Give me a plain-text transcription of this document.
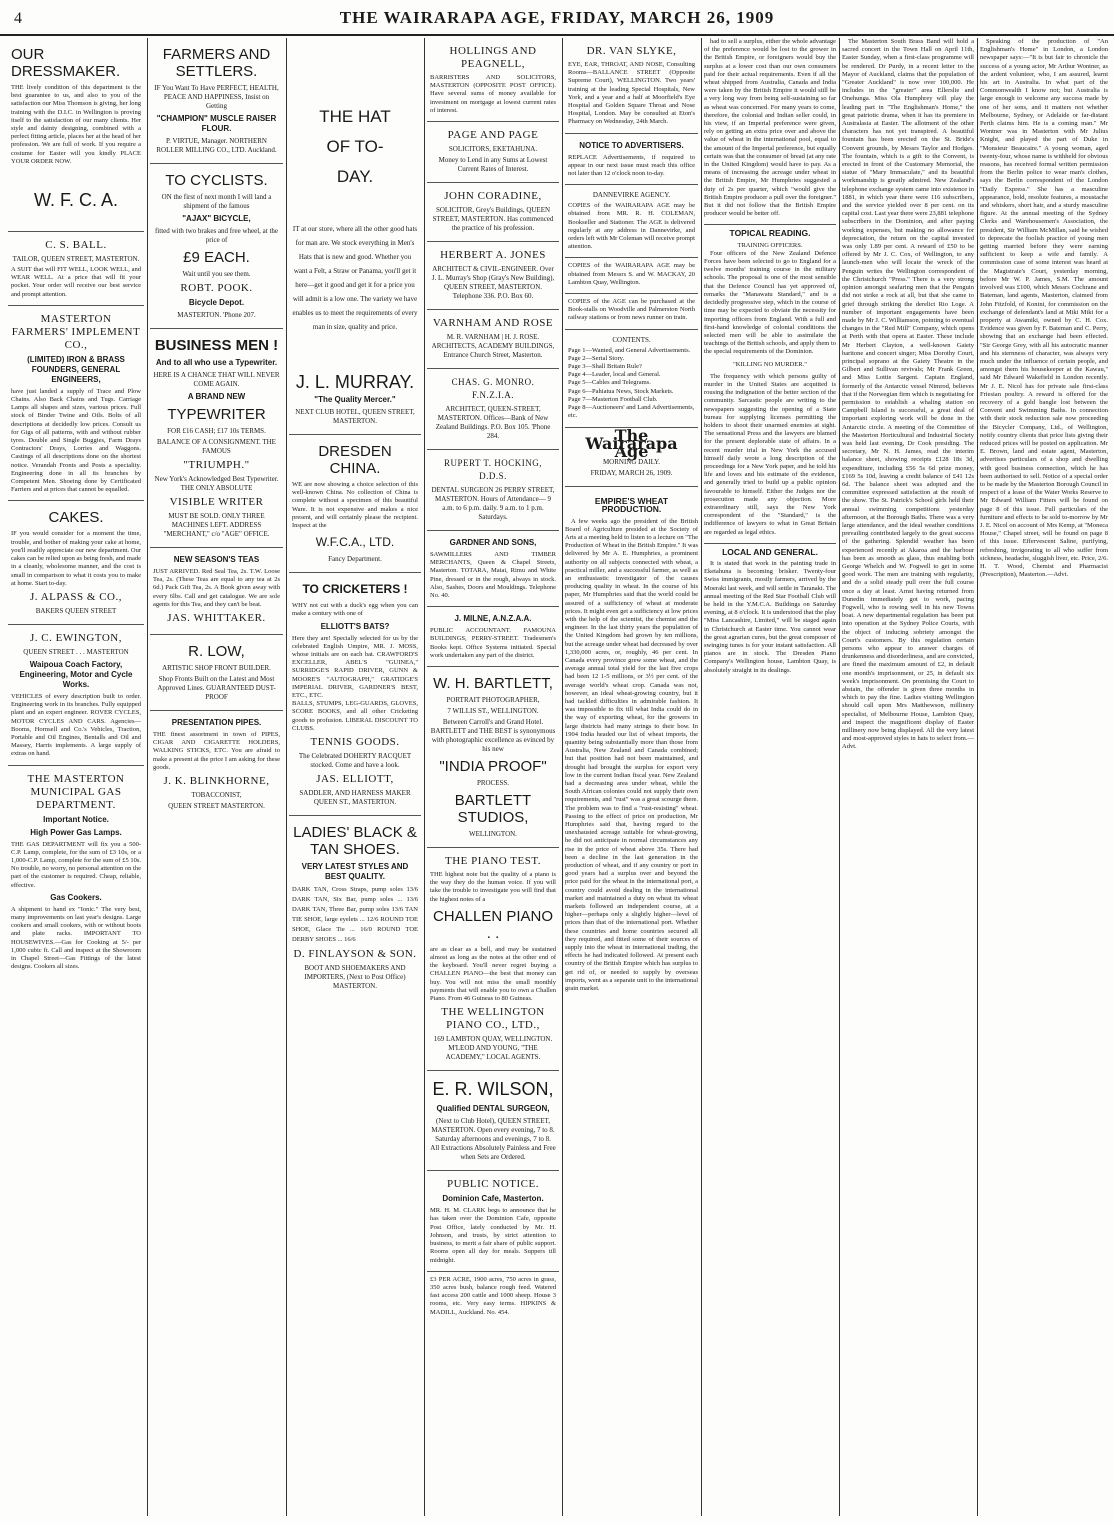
4	THE WAIRARAPA AGE, FRIDAY, MARCH 26, 1909
OUR DRESSMAKER.
THE lively condition of this department is the best guarantee to us, and also to you of the satisfaction our Miss Thomson is giving, her long training with the D.I.C. in Wellington is proving itself to the satisfaction of our many clients. Her style and dainty designing, combined with a perfect fitting article, places her at the head of her profession. We are full of work. If you require a costume for Easter will you kindly PLACE YOUR ORDER NOW.
W. F. C. A.
C. S. BALL.
TAILOR, QUEEN STREET, MASTERTON.
A SUIT that will FIT WELL, LOOK WELL, and WEAR WELL. At a price that will fit your pocket. Your order will receive our best service and prompt attention.
MASTERTON FARMERS' IMPLEMENT CO.,
(LIMITED) IRON & BRASS FOUNDERS, GENERAL ENGINEERS,
have just landed a supply of Trace and Plow Chains. Also Back Chains and Tugs. Carriage Lamps all shapes and sizes, various prices. Full stock of Binder Twine and Oils. Bolts of all descriptions at decidedly low prices. Consult us for Gigs of all patterns, with and without rubber tyres. Double and Single Buggies, Farm Drays Contractors' Drays, Lorries and Waggons. Castings of all descriptions done on the shortest notice. Verandah Fronts and Posts a speciality. Engineering done in all its branches by Competent Men. Shoeing done by Certificated Farriers and at prices that cannot be equalled.
CAKES.
IF you would consider for a moment the time, trouble, and bother of making your cake at home, you'll readily appreciate our new department. Our cakes can be relied upon as being fresh, and made in a cleanly, wholesome manner, and the cost is small in comparison to what it costs you to make at home. Start to-day.
J. ALPASS & CO.,
BAKERS QUEEN STREET
J. C. EWINGTON,
QUEEN STREET . . . MASTERTON
Waipoua Coach Factory, Engineering, Motor and Cycle Works.
VEHICLES of every description built to order. Engineering work in its branches. Fully equipped plant and an expert engineer. ROVER CYCLES, MOTOR CYCLES AND CARS. Agencies—Booms, Hornsell and Co.'s Vehicles, Traction, Portable and Oil Engines, Bentalls and Oil and Massey, Harris implements. A large supply of extras on hand.
THE MASTERTON MUNICIPAL GAS DEPARTMENT.
Important Notice.
High Power Gas Lamps.
THE GAS DEPARTMENT will fix you a 500-C.P. Lamp, complete, for the sum of £3 10s, or a 1,000-C.P. Lamp, complete for the sum of £5 10s. No trouble, no worry, no personal attention on the part of the customer is required. Cheap, reliable, effective.
Gas Cookers.
A shipment to hand ex "Ionic." The very best, many improvements on last year's designs. Large cookers and small cookers, with or without boots and plate racks. IMPORTANT TO HOUSEWIVES.—Gas for Cooking at 5/- per 1,000 cubic ft. Call and inspect at the Showroom in Chapel Street—Gas Fittings of the latest designs. Cookers all sizes.
FARMERS AND SETTLERS.
IF You Want To Have PERFECT, HEALTH, PEACE AND HAPPINESS, Insist on Getting
"CHAMPION" MUSCLE RAISER FLOUR.
P. VIRTUE, Manager. NORTHERN ROLLER MILLING CO., LTD. Auckland.
TO CYCLISTS.
ON the first of next month I will land a shipment of the famous
"AJAX" BICYCLE,
fitted with two brakes and free wheel, at the price of
£9 EACH.
Wait until you see them.
ROBT. POOK.
Bicycle Depot.
MASTERTON. 'Phone 207.
BUSINESS MEN !
And to all who use a Typewriter.
HERE IS A CHANCE THAT WILL NEVER COME AGAIN.
A BRAND NEW
TYPEWRITER
FOR £16 CASH; £17 10s TERMS.
BALANCE OF A CONSIGNMENT. THE FAMOUS
"TRIUMPH."
New York's Acknowledged Best Typewriter. THE ONLY ABSOLUTE
VISIBLE WRITER
MUST BE SOLD. ONLY THREE MACHINES LEFT. ADDRESS "MERCHANT," c/o "AGE" OFFICE.
NEW SEASON'S TEAS
JUST ARRIVED. Red Seal Tea, 2s. T.W. Loose Tea, 2s. (These Teas are equal to any tea at 2s 6d.) Pack Gift Tea, 2s. A Book given away with every 6lbs. Call and get catalogue. We are sole agents for this Tea, and they can't be beat.
JAS. WHITTAKER.
R. LOW,
ARTISTIC SHOP FRONT BUILDER.
Shop Fronts Built on the Latest and Most Approved Lines. GUARANTEED DUST-PROOF
PRESENTATION PIPES.
THE finest assortment in town of PIPES, CIGAR AND CIGARETTE HOLDERS, WALKING STICKS, ETC. You are afraid to make a present at the price I am asking for these goods.
J. K. BLINKHORNE,
TOBACCONIST,
QUEEN STREET MASTERTON.
THE HAT OF TO-DAY.
IT at our store, where all the other good hats for man are. We stock everything in Men's Hats that is new and good. Whether you want a Felt, a Straw or Panama, you'll get it here—get it good and get it for a price you will admit is a low one. The variety we have enables us to meet the requirements of every man in size, quality and price.
J. L. MURRAY.
"The Quality Mercer."
NEXT CLUB HOTEL, QUEEN STREET, MASTERTON.
DRESDEN CHINA.
WE are now showing a choice selection of this well-known China. No collection of China is complete without a specimen of this beautiful Ware. It is not expensive and makes a nice present, and will certainly please the recipient. Inspect at the
W.F.C.A., LTD.
Fancy Department.
TO CRICKETERS !
WHY not cut with a duck's egg when you can make a century with one of
ELLIOTT'S BATS?
Here they are! Specially selected for us by the celebrated English Umpire, MR. J. MOSS, whose initials are on each bat. CRAWFORD'S EXCELLER, ABEL'S "GUINEA," SURRIDGE'S RAPID DRIVER, GUNN & MOORE'S "AUTOGRAPH," GRATIDGE'S IMPERIAL DRIVER, GARDNER'S BEST, ETC., ETC.
BALLS, STUMPS, LEG-GUARDS, GLOVES, SCORE BOOKS, and all other Cricketing goods to profusion. LIBERAL DISCOUNT TO CLUBS.
TENNIS GOODS.
The Celebrated DOHERTY RACQUET stocked. Come and have a look.
JAS. ELLIOTT,
SADDLER, AND HARNESS MAKER QUEEN ST., MASTERTON.
LADIES' BLACK & TAN SHOES.
VERY LATEST STYLES AND BEST QUALITY.
DARK TAN, Cross Straps, pump soles 13/6 DARK TAN, Six Bar, pump soles ... 13/6 DARK TAN, Three Bar, pump soles 13/6 TAN TIE SHOE, large eyelets ... 12/6 ROUND TOE SHOE, Glace Tie ... 16/0 ROUND TOE DERBY SHOES ... 16/6
D. FINLAYSON & SON.
BOOT AND SHOEMAKERS AND IMPORTERS, (Next to Post Office) MASTERTON.
HOLLINGS AND PEAGNELL,
BARRISTERS AND SOLICITORS, MASTERTON (OPPOSITE POST OFFICE). Have several sums of money available for investment on mortgage at lowest current rates of interest.
PAGE AND PAGE
SOLICITORS, EKETAHUNA.
Money to Lend in any Sums at Lowest Current Rates of Interest.
JOHN CORADINE,
SOLICITOR, Grey's Buildings, QUEEN STREET, MASTERTON. Has commenced the practice of his profession.
HERBERT A. JONES
ARCHITECT & CIVIL-ENGINEER. Over J. L. Murray's Shop (Gray's New Building), QUEEN STREET, MASTERTON. Telephone 336. P.O. Box 60.
VARNHAM AND ROSE
M. R. VARNHAM | H. J. ROSE. ARCHITECTS, ACADEMY BUILDINGS, Entrance Church Street, Masterton.
CHAS. G. MONRO. F.N.Z.I.A.
ARCHITECT, QUEEN-STREET, MASTERTON. Offices—Bank of New Zealand Buildings. P.O. Box 105. 'Phone 284.
RUPERT T. HOCKING, D.D.S.
DENTAL SURGEON 26 PERRY STREET, MASTERTON. Hours of Attendance— 9 a.m. to 6 p.m. daily. 9 a.m. to 1 p.m. Saturdays.
GARDNER AND SONS,
SAWMILLERS AND TIMBER MERCHANTS, Queen & Chapel Streets, Masterton. TOTARA, Matai, Rimu and White Pine, dressed or in the rough, always in stock. Also, Sashes, Doors and Mouldings. Telephone No. 40.
J. MILNE, A.N.Z.A.A.
PUBLIC ACCOUNTANT. FAMOUNA BUILDINGS, PERRY-STREET. Tradesmen's Books kept. Office Systems initiated. Special work undertaken any part of the district.
W. H. BARTLETT,
PORTRAIT PHOTOGRAPHER,
7 WILLIS ST., WELLINGTON.
Between Carroll's and Grand Hotel. BARTLETT and THE BEST is synonymous with photographic excellence as evinced by his new
"INDIA PROOF"
PROCESS.
BARTLETT STUDIOS,
WELLINGTON.
THE PIANO TEST.
THE highest note but the quality of a piano is the way they do the human voice. If you will take the trouble to investigate you will find that the highest notes of a
CHALLEN PIANO . .
are as clear as a bell, and may be sustained almost as long as the notes at the other end of the keyboard. You'll never regret buying a CHALLEN PIANO—the best that money can buy. You will not miss the small monthly payments that will enable you to own a Challen Piano. From 46 Guineas to 80 Guineas.
THE WELLINGTON PIANO CO., LTD.,
169 LAMBTON QUAY, WELLINGTON. M'LEOD AND YOUNG, "THE ACADEMY," LOCAL AGENTS.
E. R. WILSON,
Qualified DENTAL SURGEON,
(Next to Club Hotel), QUEEN STREET, MASTERTON. Open every evening, 7 to 8. Saturday afternoons and evenings, 7 to 8. All Extractions Absolutely Painless and Free when Sets are Ordered.
PUBLIC NOTICE.
Dominion Cafe, Masterton.
MR. H. M. CLARK begs to announce that he has taken over the Dominion Cafe, opposite Post Office, lately conducted by Mr. H. Johnson, and trusts, by strict attention to business, to merit a fair share of public support. Rooms open all day for meals. Suppers till midnight.
£3 PER ACRE, 1900 acres, 750 acres in grass, 350 acres bush, balance rough feed. Watered fast access 200 cattle and 1000 sheep. House 3 rooms, etc. Very easy terms. HIPKINS & MADILL, Auckland. No. 454.
DR. VAN SLYKE,
EYE, EAR, THROAT, AND NOSE, Consulting Rooms—BALLANCE STREET (Opposite Supreme Court), WELLINGTON. Two years' training at the leading Special Hospitals, New York, and a year and a half at Moorfield's Eye Hospital and Golden Square Throat and Nose Hospital, London. May be consulted at Eton's Pharmacy on Wednesday, 24th March.
NOTICE TO ADVERTISERS.
REPLACE Advertisements, if required to appear in our next issue must reach this office not later than 12 o'clock noon to-day.
DANNEVIRKE AGENCY.
COPIES of the WAIRARAPA AGE may be obtained from MR. R. H. COLEMAN, Bookseller and Stationer. The AGE is delivered regularly at any address in Dannevirke, and orders left with Mr Coleman will receive prompt attention.
COPIES of the WAIRARAPA AGE may be obtained from Messrs S. and W. MACKAY, 20 Lambton Quay, Wellington.
COPIES of the AGE can be purchased at the Book-stalls on Woodville and Palmerston North railway stations or from news runner on train.
CONTENTS.
Page 1—Wanted, and General Advertisements.
Page 2—Serial Story.
Page 3—Shall Britain Rule?
Page 4—Leader, local and General.
Page 5—Cables and Telegrams.
Page 6—Pahiatua News, Stock Markets.
Page 7—Masterton Football Club.
Page 8—Auctioneers' and Land Advertisements, etc.
The Wairarapa Age
MORNING DAILY.
FRIDAY, MARCH 26, 1909.
EMPIRE'S WHEAT PRODUCTION.

A few weeks ago the president of the British Board of Agriculture presided at the Society of Arts at a meeting held to listen to a lecture on "The Production of Wheat in the British Empire." It was delivered by Mr A. E. Humphries, a prominent authority on all subjects connected with wheat, a practical miller, and a successful farmer, as well as an enthusiastic investigator of the causes producing quality in wheat. In the course of his paper, Mr Humphries said that the world could be assured of a sufficiency of wheat at moderate prices. It might even get a sufficiency at low prices with the help of the scientist, the chemist and the engineer. In the last thirty years the population of the United Kingdom had grown by ten millions, but the acreage under wheat had decreased by over 1,330,000 acres, or, roughly, 46 per cent. In Canada every province grew some wheat, and the average annual total yield for the last five crops had been 12 1-5 millions, or 3½ per cent. of the average world's wheat crop. Canada was not, however, an ideal wheat-growing country, but it had tackled difficulties in admirable fashion. It was impossible to fix till what India could do in the way of exporting wheat, for the growers in large districts had many strings to their bow. In 1904 India headed our list of wheat imports, the quantity being substantially more than those from Australia, New Zealand and Canada combined; but that position had not been maintained, and drought had brought the surplus for export very low in the current Indian fiscal year. New Zealand had a decreasing area under wheat, while the South African colonies could not supply their own requirements, and "rust" was a great scourge there. The problem was to find a "rust-resisting" wheat. Passing to the effect of price on production, Mr Humphries said that, having regard to the unexhausted acreage suitable for wheat-growing, he did not anticipate in normal circumstances any rise in the price of wheat above 35s. There had been a decline in the last generation in the production of wheat, and if any country or port in good years had a surplus over and beyond the price paid for the wheat in the international port, a country could avoid dealing in the international market and maintained a duty on wheat its wheat markets followed an independent course, at a higher—perhaps only a slightly higher—level of prices than that of the international port. Whether these countries and home countries secured all they required, and fitted some of their sources of supply into the wheat in international trading, the effects he had indicated followed. At present each country of the British Empire which has surplus to get rid of, or needed to supply by overseas imports, went as a separate unit to the international grain market.

had to sell a surplus, either the whole advantage of the preference would be lost to the grower in the British Empire, or foreigners would buy the surplus at a lower cost than our own consumers paid for their actual requirements. Even if all the wheat shipped from Australia, Canada and India were taken by the British Empire it would still be a very long way from being self-sustaining so far as wheat was concerned. For many years to come, therefore, the colonial and Indian seller could, in his view, if an Imperial preference were given, rely on getting an extra price over and above the value of wheat in the international pool, equal to the amount of the Imperial preference, but equally certain was that the consumer of bread (at any rate in the United Kingdom) would have to pay. As a means of increasing the acreage under wheat in the British Empire, Mr Humphries suggested a duty of 2s per quarter, which "would give the British Empire producer a pull over the foreigner." But it did not follow that the British Empire producer would be better off.

TOPICAL READING.
TRAINING OFFICERS.

Four officers of the New Zealand Defence Forces have been selected to go to England for a twelve months' training course in the military schools. The proposal is one of the most sensible that the Defence Council has yet approved of, remarks the "Manawatu Standard," and is a decidedly progressive step, which in the course of time may be expected to obviate the necessity for importing officers from England. With a full and first-hand knowledge of colonial conditions the selected men will be able to assimilate the teachings of the British schools, and apply them to the special requirements of the Dominion.

"KILLING NO MURDER."

The frequency with which persons guilty of murder in the United States are acquitted is rousing the indignation of the better section of the community. Sarcastic people are writing to the newspapers suggesting the opening of a State bureau for supplying licenses permitting the holders to shoot their unarmed enemies at sight. The sensational Press and the lawyers are blamed for the present deplorable state of affairs. In a recent murder trial in New York the accused himself daily wrote a long description of the proceedings for a New York paper, and he told his life and loves and his estimate of the evidence, and generally tried to build up a public opinion favourable to himself. Either the Judges nor the prosecution made any objection. More extraordinary still, says the New York correspondent of the "Standard," is the indifference of lawyers to what in Great Britain are regarded as legal ethics.

LOCAL AND GENERAL.

It is stated that work in the painting trade in Eketahuna is becoming brisker. Twenty-four Swiss immigrants, mostly farmers, arrived by the Moeraki last week, and will settle in Taranaki. The annual meeting of the Red Star Football Club will be held in the Y.M.C.A. Buildings on Saturday evening, at 8 o'clock. It is understood that the play "Miss Lancashire, Limited," will be staged again in Christchurch at Easter time. You cannot wear the great agrarian cures, but the great composer of swinging tunes is for your instant satisfaction. All pianos are in stock. The Dresden Piano Company's Wellington house, Lambton Quay, is absolutely straight in its dealings.

The Masterton South Brass Band will hold a sacred concert in the Town Hall on April 11th, Easter Sunday, when a first-class programme will be rendered. Dr Purdy, in a recent letter to the Mayor of Auckland, claims that the population of "Greater Auckland" is now over 100,000. He includes in the "greater" area Ellerslie and Onehunga. Miss Ola Humphrey will play the leading part in "The Englishman's Home," the great patriotic drama, when it has its premiere in Australasia at Easter. The allotment of the other characters has not yet transpired. A beautiful fountain has been erected on the St. Bride's Convent grounds, by Messrs Taylor and Hodges. The fountain, which is a gift to the Convent, is erected in front of the Customary Memorial, the statue of "Mary Immaculate," and its beautiful workmanship is greatly admired. New Zealand's telephone exchange system came into existence in 1881, in which year there were 116 subscribers, and the service yielded over 8 per cent. on its capital cost. Last year there were 23,881 telephone subscribers in the Dominion, and after paying working expenses, but making no allowance for depreciation, the return on the capital invested was only 1.89 per cent. A reward of £50 to be offered by Mr J. C. Cox, of Wellington, to any launch-men who will locate the wreck of the Penguin writes the Wellington correspondent of the Christchurch "Press." There is a very strong opinion amongst seafaring men that the Penguin did not strike a rock at all, but that she came to grief through striking the derelict Rio Loge. A number of important engagements have been made by Mr J. C. Williamson, pointing to eventual changes in the "Red Mill" Company, which opens at Perth with that opera at Easter. These include Mr Herbert Clayton, a well-known Gaiety baritone and concert singer; Miss Dorothy Court, principal soprano at the Gaiety Theatre in the Gilbert and Sullivan revivals; Mr Frank Green, and Miss Lottie Sargent. Captain England, formerly of the Antarctic vessel Nimrod, believes that if the Norwegian firm which is negotiating for permission to establish a whaling station on Campbell Island is successful, a great deal of important exploring work will be done in the Antarctic circle. A meeting of the Committee of the Masterton Horticultural and Industrial Society was held last evening, Dr Cook presiding. The secretary, Mr N. H. James, read the interim balance sheet, showing receipts £128 18s 3d, expenditure, including £56 5s 6d prize money, £169 5s 10d, leaving a credit balance of £41 12s 6d. The balance sheet was adopted and the committee expressed satisfaction at the result of the show. The St. Patrick's School girls held their annual swimming competitions yesterday afternoon, at the Borough Baths. There was a very large attendance, and the ideal weather conditions prevailing contributed largely to the great success of the gathering. Splendid weather has been experienced recently at Akaroa and the harbour has been as smooth as glass, thus enabling both George Whelch and W. Fogwell to get in some good work. The men are training with regularity, and do a solid steady pull over the full course once a day at least. Arnst having returned from Dunedin immediately got to work, pacing Fogwell, who is rowing well in his new Towns boat. A new departmental regulation has been put into operation at the Sydney Police Courts, with the object of inducing sobriety amongst the Court's customers. By this regulation certain persons who appear to answer charges of drunkenness and disorderliness, and are convicted, are fined the maximum amount of £2, in default one month's imprisonment, or 25, in default six week's imprisonment. On promising the Court to abstain, the offender is given three months in which to pay the fine. Ladies visiting Wellington should call upon Mrs Matthewson, millinery specialist, of Melbourne House, Lambton Quay, and inspect the magnificent display of Easter millinery now being displayed. All the very latest and most-approved styles in hats to select from.—Advt.

Speaking of the production of "An Englishman's Home" in London, a London newspaper says:—"It is but fair to chronicle the success of a young actor, Mr Arthur Wontner, as the ardent volunteer, who, I am assured, learnt his art in Australia. In what part of the Commonwealth I know not; but Australia is large enough to welcome any success made by one of her sons, and it matters not whether Melbourne, Sydney, or Adelaide or far-distant Perth claims him. He is a coming man." Mr Wontner was in Masterton with Mr Julius Knight, and played the part of Duke in "Monsieur Beaucaire." A young woman, aged twenty-four, whose name is withheld for obvious reasons, has received formal written permission from the Berlin police to wear man's clothes, says the Berlin correspondent of the London "Daily Express." She has a masculine appearance, bold, resolute features, a moustache and whiskers, short hair, and a sturdy masculine figure. At the annual meeting of the Sydney Clerks and Warehousemen's Association, the president, Sir William McMillan, said he wished to deprecate the foolish practice of young men getting married before they were earning sufficient to keep a wife and family. A commission case of some interest was heard at the Magistrate's Court, yesterday morning, before Mr W. P. James, S.M. The amount involved was £100, which Messrs Cochrane and Bateman, land agents, Masterton, claimed from John Fitzfold, of Konini, for commission on the exchange of defendant's land at Miki Miki for a property at Awamiki, owned by C. H. Cox. Evidence was given by F. Bateman and C. Perry, showing that an exchange had been effected. "Sir George Grey, with all his autocratic manner and his sternness of character, was always very much under the influence of certain people, and amongst them his housekeeper at the Kawau," said Mr Edward Wakefield in London recently. Mr J. E. Nicol has for private sale first-class Friesian poultry. A reward is offered for the recovery of a gold bangle lost between the Convent and Swimming Baths. In connection with their stock reduction sale now proceeding the Bicycler Company, Ltd., of Wellington, notify country clients that price lists giving their reduced prices will be posted on application. Mr E. Brown, land and estate agent, Masterton, advertises particulars of a shop and dwelling with good business connection, which he has been authorised to sell. Notice of a special order to be made by the Masterton Borough Council in respect of a lease of the Water Works Reserve to Mr Edward William Fitters will be found on page 8 of this issue. Full particulars of the furniture and effects to be sold to-morrow by Mr J. E. Nicol on account of Mrs Kemp, at "Moneca House," Chapel street, will be found on page 8 of this issue. Effervescent Saline, purifying, refreshing, invigorating to all who suffer from sickness, headache, sluggish liver, etc. Price, 2/6. H. T. Wood, Chemist and Pharmacist (Prescription), Masterton.—Advt.
